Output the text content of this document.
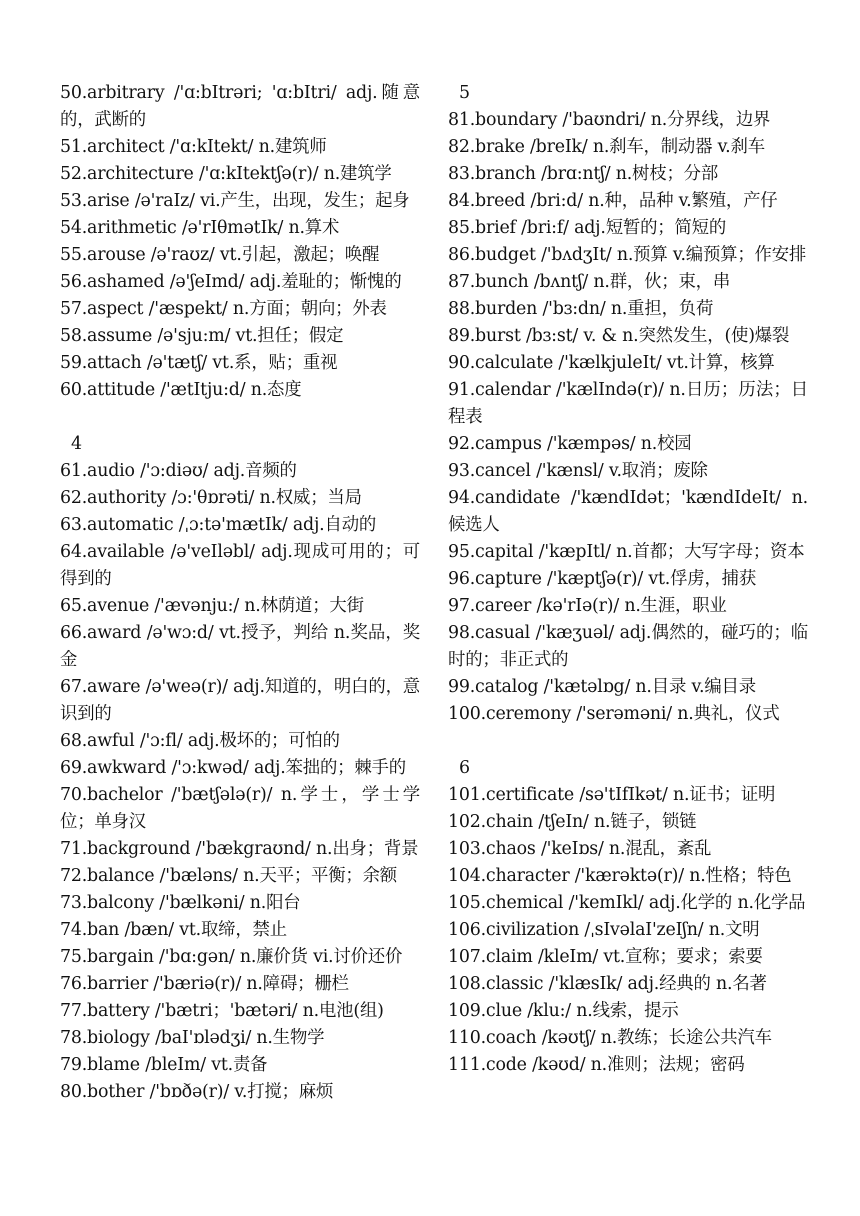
50.arbitrary /'ɑ:bItrəri; 'ɑ:bItri/ adj.随意的，武断的
51.architect /'ɑ:kItekt/ n.建筑师
52.architecture /'ɑ:kItektʃə(r)/ n.建筑学
53.arise /ə'raIz/ vi.产生，出现，发生；起身
54.arithmetic /ə'rIθmətIk/ n.算术
55.arouse /ə'raʊz/ vt.引起，激起；唤醒
56.ashamed /ə'ʃeImd/ adj.羞耻的；惭愧的
57.aspect /'æspekt/ n.方面；朝向；外表
58.assume /ə'sju:m/ vt.担任；假定
59.attach /ə'tætʃ/ vt.系，贴；重视
60.attitude /'ætItju:d/ n.态度
4
61.audio /'ɔ:diəʊ/ adj.音频的
62.authority /ɔ:'θɒrəti/ n.权威；当局
63.automatic /ˌɔ:tə'mætIk/ adj.自动的
64.available /ə'veIləbl/ adj.现成可用的；可得到的
65.avenue /'ævənju:/ n.林荫道；大街
66.award /ə'wɔ:d/ vt.授予，判给 n.奖品，奖金
67.aware /ə'weə(r)/ adj.知道的，明白的，意识到的
68.awful /'ɔ:fl/ adj.极坏的；可怕的
69.awkward /'ɔ:kwəd/ adj.笨拙的；棘手的
70.bachelor /'bætʃələ(r)/ n.学士，学士学位；单身汉
71.background /'bækgraʊnd/ n.出身；背景
72.balance /'bæləns/ n.天平；平衡；余额
73.balcony /'bælkəni/ n.阳台
74.ban /bæn/ vt.取缔，禁止
75.bargain /'bɑ:gən/ n.廉价货 vi.讨价还价
76.barrier /'bæriə(r)/ n.障碍；栅栏
77.battery /'bætri；'bætəri/ n.电池(组)
78.biology /baI'ɒlədʒi/ n.生物学
79.blame /bleIm/ vt.责备
80.bother /'bɒðə(r)/ v.打搅；麻烦
5
81.boundary /'baʊndri/ n.分界线，边界
82.brake /breIk/ n.刹车，制动器 v.刹车
83.branch /brɑ:ntʃ/ n.树枝；分部
84.breed /bri:d/ n.种，品种 v.繁殖，产仔
85.brief /bri:f/ adj.短暂的；简短的
86.budget /'bʌdʒIt/ n.预算 v.编预算；作安排
87.bunch /bʌntʃ/ n.群，伙；束，串
88.burden /'bɜ:dn/ n.重担，负荷
89.burst /bɜ:st/ v. & n.突然发生，(使)爆裂
90.calculate /'kælkjuleIt/ vt.计算，核算
91.calendar /'kælIndə(r)/ n.日历；历法；日程表
92.campus /'kæmpəs/ n.校园
93.cancel /'kænsl/ v.取消；废除
94.candidate /'kændIdət；'kændIdeIt/ n.候选人
95.capital /'kæpItl/ n.首都；大写字母；资本
96.capture /'kæptʃə(r)/ vt.俘虏，捕获
97.career /kə'rIə(r)/ n.生涯，职业
98.casual /'kæʒuəl/ adj.偶然的，碰巧的；临时的；非正式的
99.catalog /'kætəlɒg/ n.目录 v.编目录
100.ceremony /'serəməni/ n.典礼，仪式
6
101.certificate /sə'tIfIkət/ n.证书；证明
102.chain /tʃeIn/ n.链子，锁链
103.chaos /'keIɒs/ n.混乱，紊乱
104.character /'kærəktə(r)/ n.性格；特色
105.chemical /'kemIkl/ adj.化学的 n.化学品
106.civilization /ˌsIvəlaI'zeIʃn/ n.文明
107.claim /kleIm/ vt.宣称；要求；索要
108.classic /'klæsIk/ adj.经典的 n.名著
109.clue /klu:/ n.线索，提示
110.coach /kəʊtʃ/ n.教练；长途公共汽车
111.code /kəʊd/ n.准则；法规；密码
